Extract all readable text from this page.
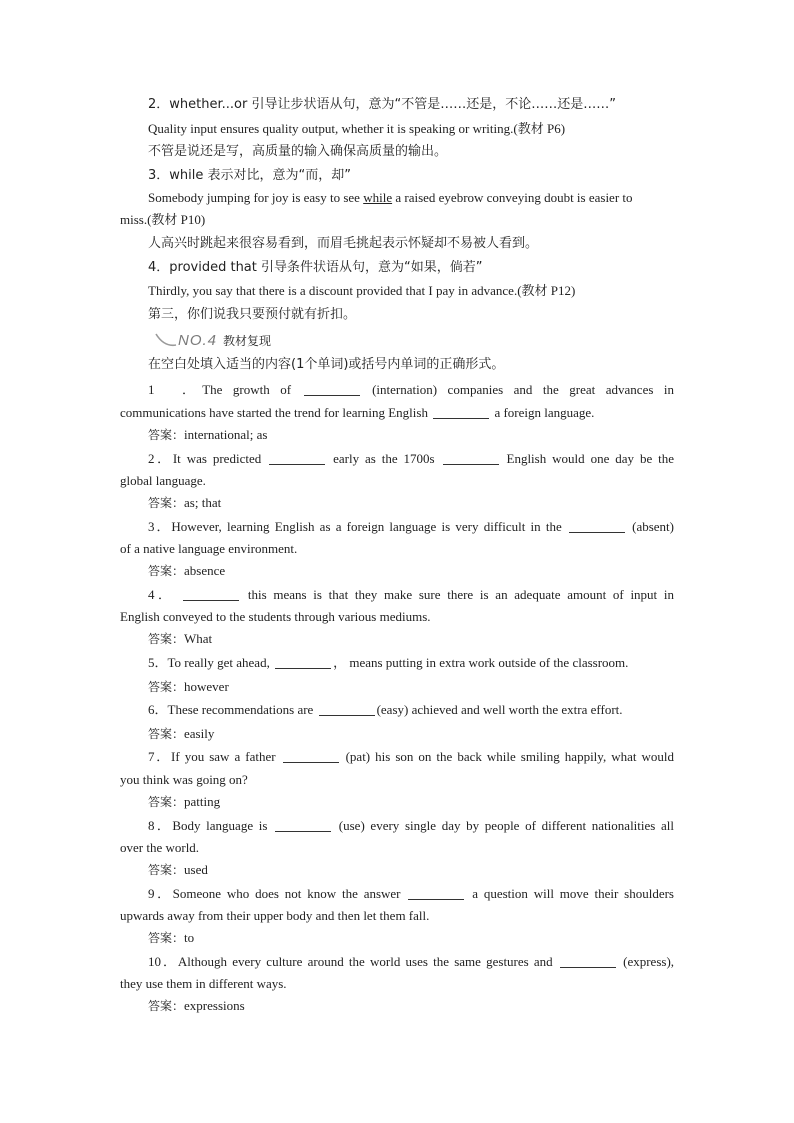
2．whether...or 引导让步状语从句，意为“不管是……还是，不论……还是……”
Quality input ensures quality output, whether it is speaking or writing.(教材 P6)
不管是说还是写，高质量的输入确保高质量的输出。
3．while 表示对比，意为“而，却”
Somebody jumping for joy is easy to see while a raised eyebrow conveying doubt is easier to
miss.(教材 P10)
人高兴时跳起来很容易看到，而眉毛挑起表示怀疑却不易被人看到。
4．provided that 引导条件状语从句，意为“如果，倘若”
Thirdly, you say that there is a discount provided that I pay in advance.(教材 P12)
第三，你们说我只要预付就有折扣。
NO.4 教材复现
在空白处填入适当的内容(1个单词)或括号内单词的正确形式。
1　．The growth of	(internation) companies and the great advances in
communications have started the trend for learning English	a foreign language.
答案：international; as
2．It was predicted	early as the 1700s	English would one day be the
global language.
答案：as; that
3．However, learning English as a foreign language is very difficult in the	(absent)
of a native language environment.
答案：absence
4．	this means is that they make sure there is an adequate amount of input in
English conveyed to the students through various mediums.
答案：What
5．To really get ahead,	， means putting in extra work outside of the classroom.
答案：however
6．These recommendations are	(easy) achieved and well worth the extra effort.
答案：easily
7．If you saw a father	(pat) his son on the back while smiling happily, what would
you think was going on?
答案：patting
8．Body language is	(use) every single day by people of different nationalities all
over the world.
答案：used
9．Someone who does not know the answer	a question will move their shoulders
upwards away from their upper body and then let them fall.
答案：to
10．Although every culture around the world uses the same gestures and	(express),
they use them in different ways.
答案：expressions
